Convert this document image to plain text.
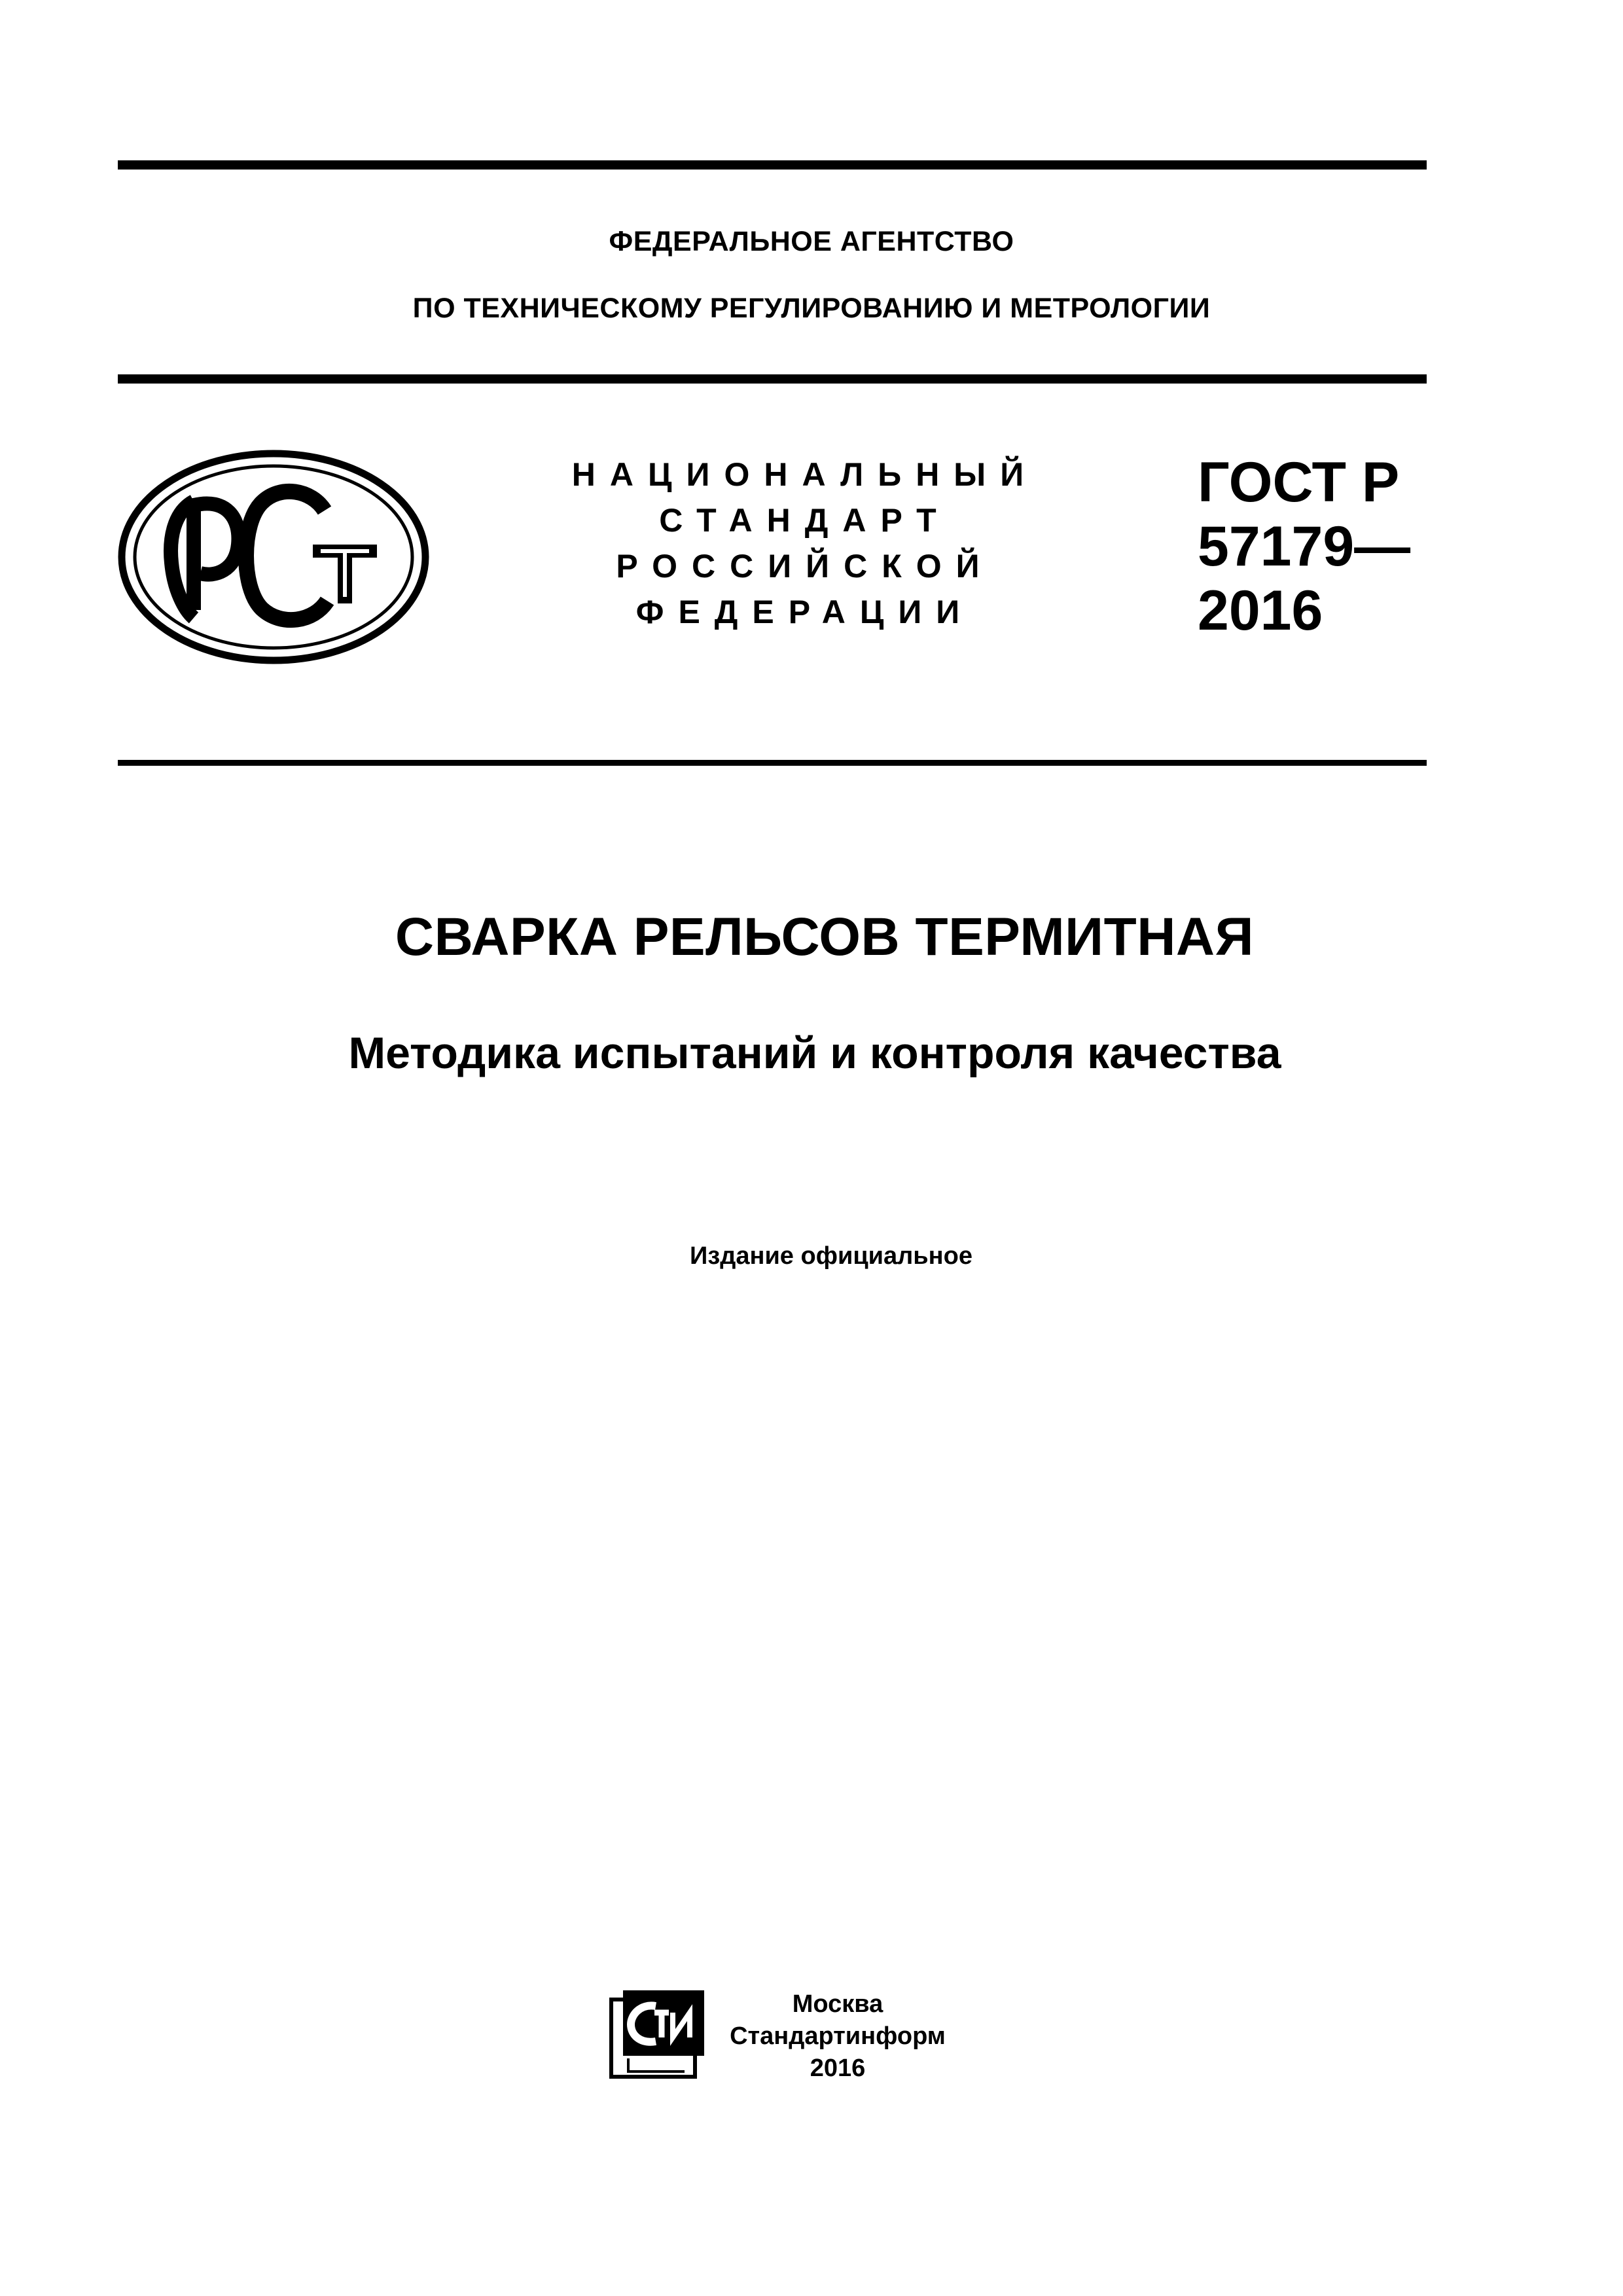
ФЕДЕРАЛЬНОЕ АГЕНТСТВО
ПО ТЕХНИЧЕСКОМУ РЕГУЛИРОВАНИЮ И МЕТРОЛОГИИ
НАЦИОНАЛЬНЫЙ
СТАНДАРТ
РОССИЙСКОЙ
ФЕДЕРАЦИИ
ГОСТ Р
57179—
2016
СВАРКА РЕЛЬСОВ ТЕРМИТНАЯ
Методика испытаний и контроля качества
Издание официальное
Москва
Стандартинформ
2016
